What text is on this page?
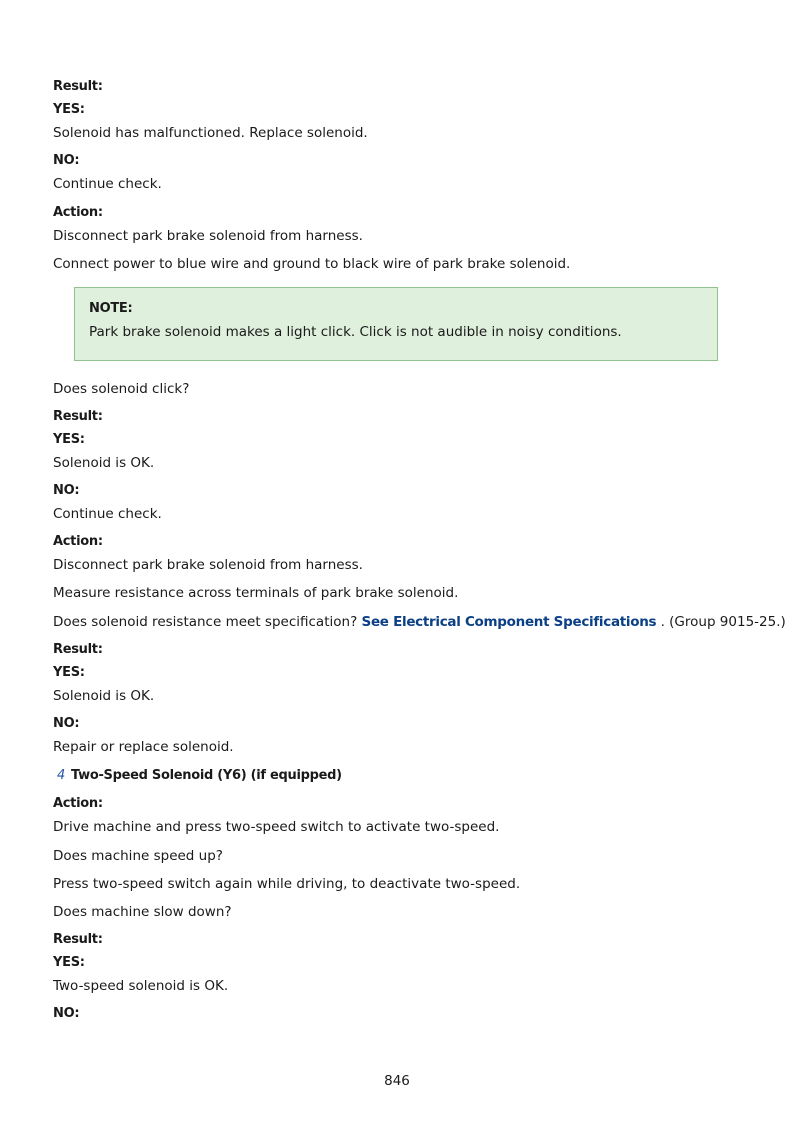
Result:
YES:
Solenoid has malfunctioned. Replace solenoid.
NO:
Continue check.
Action:
Disconnect park brake solenoid from harness.
Connect power to blue wire and ground to black wire of park brake solenoid.
NOTE:
Park brake solenoid makes a light click. Click is not audible in noisy conditions.
Does solenoid click?
Result:
YES:
Solenoid is OK.
NO:
Continue check.
Action:
Disconnect park brake solenoid from harness.
Measure resistance across terminals of park brake solenoid.
Does solenoid resistance meet specification? See Electrical Component Specifications . (Group 9015-25.)
Result:
YES:
Solenoid is OK.
NO:
Repair or replace solenoid.
4 Two-Speed Solenoid (Y6) (if equipped)
Action:
Drive machine and press two-speed switch to activate two-speed.
Does machine speed up?
Press two-speed switch again while driving, to deactivate two-speed.
Does machine slow down?
Result:
YES:
Two-speed solenoid is OK.
NO:
846
